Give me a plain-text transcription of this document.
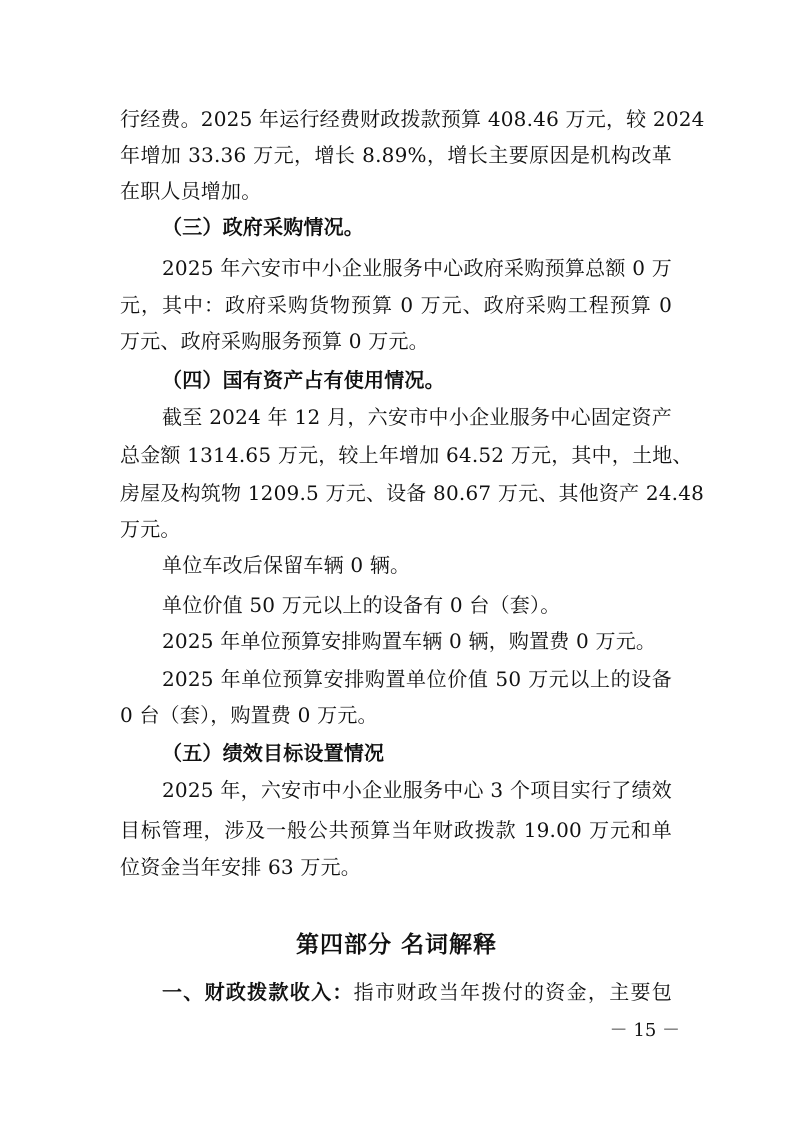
行经费。2025 年运行经费财政拨款预算 408.46 万元，较 2024
年增加 33.36 万元，增长 8.89%，增长主要原因是机构改革
在职人员增加。
（三）政府采购情况。
2025 年六安市中小企业服务中心政府采购预算总额 0 万
元，其中：政府采购货物预算 0 万元、政府采购工程预算 0
万元、政府采购服务预算 0 万元。
（四）国有资产占有使用情况。
截至 2024 年 12 月，六安市中小企业服务中心固定资产
总金额 1314.65 万元，较上年增加 64.52 万元，其中，土地、
房屋及构筑物 1209.5 万元、设备 80.67 万元、其他资产 24.48
万元。
单位车改后保留车辆 0 辆。
单位价值 50 万元以上的设备有 0 台（套）。
2025 年单位预算安排购置车辆 0 辆，购置费 0 万元。
2025 年单位预算安排购置单位价值 50 万元以上的设备
0 台（套），购置费 0 万元。
（五）绩效目标设置情况
2025 年，六安市中小企业服务中心 3 个项目实行了绩效
目标管理，涉及一般公共预算当年财政拨款 19.00 万元和单
位资金当年安排 63 万元。
第四部分 名词解释
一、财政拨款收入：指市财政当年拨付的资金，主要包
－ 15 －
